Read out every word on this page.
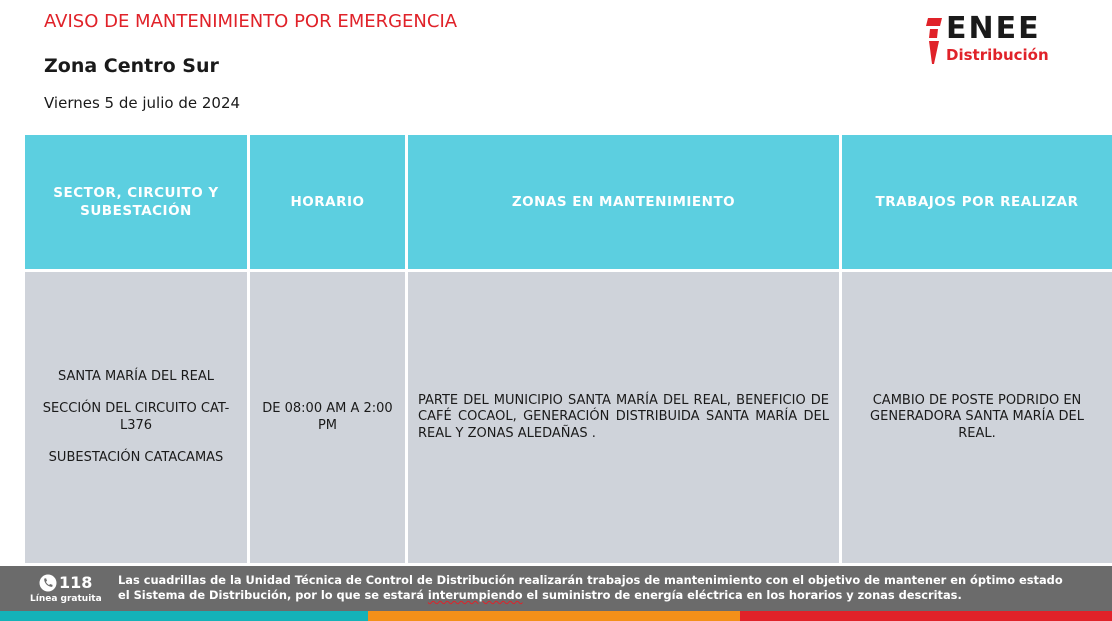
AVISO DE MANTENIMIENTO POR EMERGENCIA
Zona Centro Sur
Viernes 5 de julio de 2024
ENEE
Distribución
SECTOR, CIRCUITO Y SUBESTACIÓN
HORARIO	ZONAS EN MANTENIMIENTO	TRABAJOS POR REALIZAR
SANTA MARÍA DEL REAL
SECCIÓN DEL CIRCUITO CAT- L376
SUBESTACIÓN CATACAMAS
DE 08:00 AM A 2:00 PM
PARTE DEL MUNICIPIO SANTA MARÍA DEL REAL, BENEFICIO DE CAFÉ COCAOL, GENERACIÓN DISTRIBUIDA SANTA MARÍA DEL REAL Y ZONAS ALEDAÑAS .
CAMBIO DE POSTE PODRIDO EN GENERADORA SANTA MARÍA DEL REAL.
118
Línea gratuita
Las cuadrillas de la Unidad Técnica de Control de Distribución realizarán trabajos de mantenimiento con el objetivo de mantener en óptimo estado el Sistema de Distribución, por lo que se estará interumpiendo el suministro de energía eléctrica en los horarios y zonas descritas.
